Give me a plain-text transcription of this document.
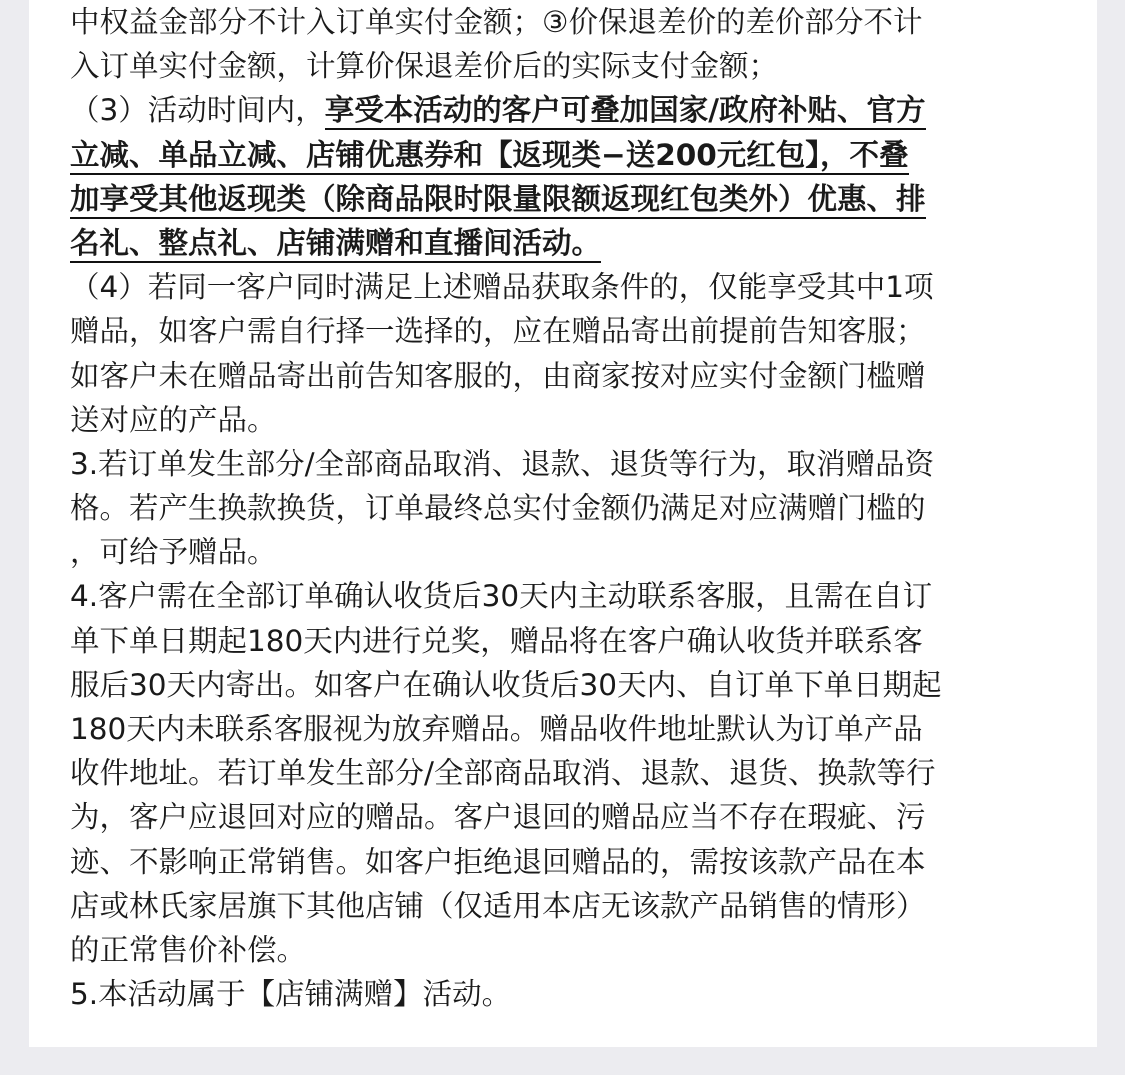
中权益金部分不计入订单实付金额；③价保退差价的差价部分不计
入订单实付金额，计算价保退差价后的实际支付金额；
（3）活动时间内，享受本活动的客户可叠加国家/政府补贴、官方
立减、单品立减、店铺优惠券和【返现类−送200元红包】，不叠
加享受其他返现类（除商品限时限量限额返现红包类外）优惠、排
名礼、整点礼、店铺满赠和直播间活动。
（4）若同一客户同时满足上述赠品获取条件的，仅能享受其中1项
赠品，如客户需自行择一选择的，应在赠品寄出前提前告知客服；
如客户未在赠品寄出前告知客服的，由商家按对应实付金额门槛赠
送对应的产品。
3.若订单发生部分/全部商品取消、退款、退货等行为，取消赠品资
格。若产生换款换货，订单最终总实付金额仍满足对应满赠门槛的
，可给予赠品。
4.客户需在全部订单确认收货后30天内主动联系客服，且需在自订
单下单日期起180天内进行兑奖，赠品将在客户确认收货并联系客
服后30天内寄出。如客户在确认收货后30天内、自订单下单日期起
180天内未联系客服视为放弃赠品。赠品收件地址默认为订单产品
收件地址。若订单发生部分/全部商品取消、退款、退货、换款等行
为，客户应退回对应的赠品。客户退回的赠品应当不存在瑕疵、污
迹、不影响正常销售。如客户拒绝退回赠品的，需按该款产品在本
店或林氏家居旗下其他店铺（仅适用本店无该款产品销售的情形）
的正常售价补偿。
5.本活动属于【店铺满赠】活动。
